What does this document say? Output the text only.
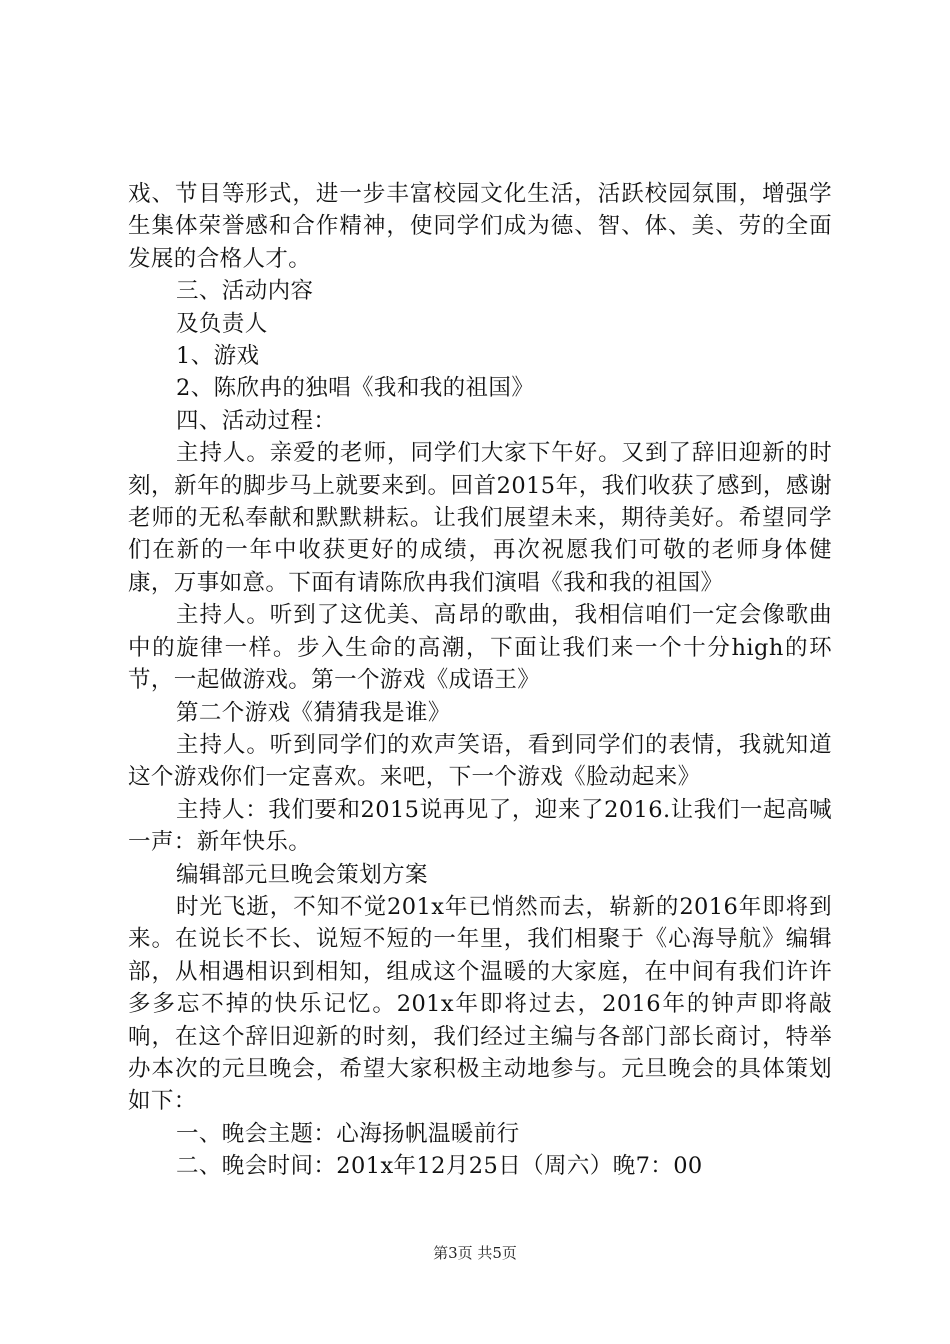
戏、节目等形式，进一步丰富校园文化生活，活跃校园氛围，增强学生集体荣誉感和合作精神，使同学们成为德、智、体、美、劳的全面发展的合格人才。

三、活动内容

及负责人

1、游戏

2、陈欣冉的独唱《我和我的祖国》

四、活动过程：

主持人。亲爱的老师，同学们大家下午好。又到了辞旧迎新的时刻，新年的脚步马上就要来到。回首2015年，我们收获了感到，感谢老师的无私奉献和默默耕耘。让我们展望未来，期待美好。希望同学们在新的一年中收获更好的成绩，再次祝愿我们可敬的老师身体健康，万事如意。下面有请陈欣冉我们演唱《我和我的祖国》

主持人。听到了这优美、高昂的歌曲，我相信咱们一定会像歌曲中的旋律一样。步入生命的高潮，下面让我们来一个十分high的环节，一起做游戏。第一个游戏《成语王》

第二个游戏《猜猜我是谁》

主持人。听到同学们的欢声笑语，看到同学们的表情，我就知道这个游戏你们一定喜欢。来吧，下一个游戏《脸动起来》

主持人：我们要和2015说再见了，迎来了2016.让我们一起高喊一声：新年快乐。

编辑部元旦晚会策划方案

时光飞逝，不知不觉201x年已悄然而去，崭新的2016年即将到来。在说长不长、说短不短的一年里，我们相聚于《心海导航》编辑部，从相遇相识到相知，组成这个温暖的大家庭，在中间有我们许许多多忘不掉的快乐记忆。201x年即将过去，2016年的钟声即将敲响，在这个辞旧迎新的时刻，我们经过主编与各部门部长商讨，特举办本次的元旦晚会，希望大家积极主动地参与。元旦晚会的具体策划如下：

一、晚会主题：心海扬帆温暖前行

二、晚会时间：201x年12月25日（周六）晚7：00

第3页 共5页
